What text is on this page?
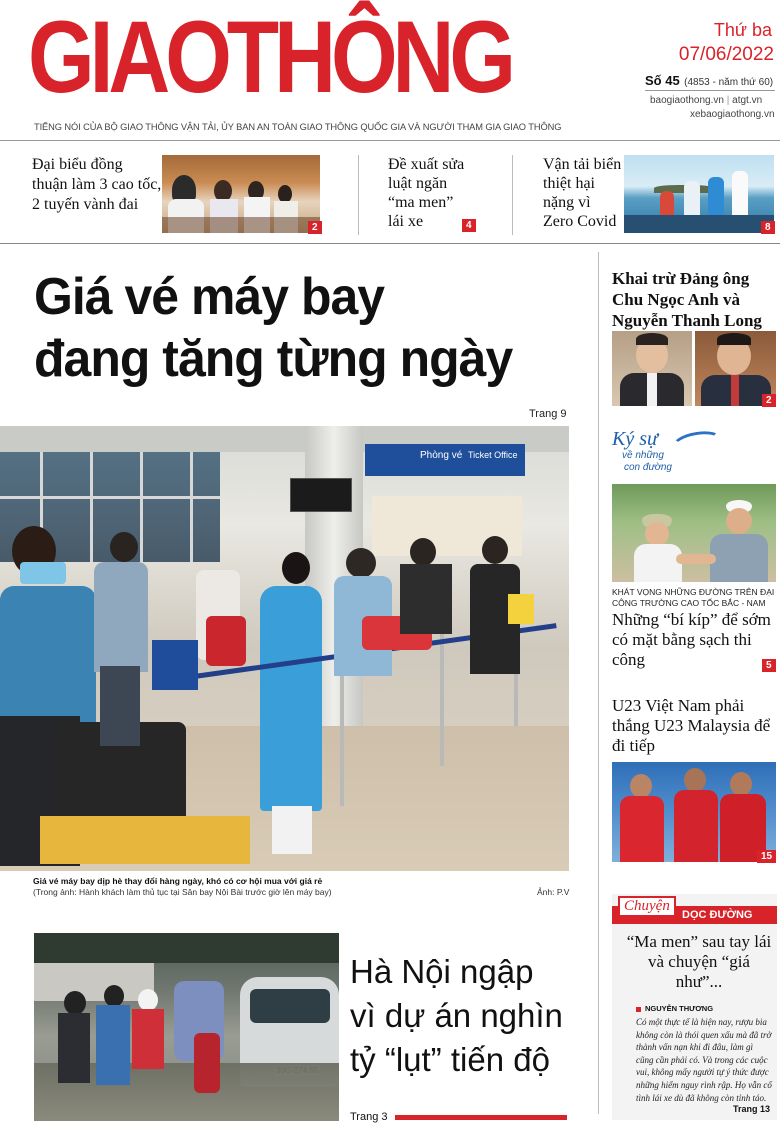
GIAOTHÔNG
TIẾNG NÓI CỦA BỘ GIAO THÔNG VẬN TẢI, ỦY BAN AN TOÀN GIAO THÔNG QUỐC GIA VÀ NGƯỜI THAM GIA GIAO THÔNG
Thứ ba
07/06/2022
Số 45 (4853 - năm thứ 60)
baogiaothong.vn | atgt.vn
xebaogiaothong.vn
Đại biểu đồng thuận làm 3 cao tốc, 2 tuyến vành đai
2
Đề xuất sửa luật ngăn “ma men” lái xe	4
Vận tải biển thiệt hại nặng vì Zero Covid	8
Giá vé máy bay
đang tăng từng ngày
Trang 9
Ticket Office
Phòng vé
Giá vé máy bay dịp hè thay đổi hàng ngày, khó có cơ hội mua với giá rẻ
(Trong ảnh: Hành khách làm thủ tục tại Sân bay Nội Bài trước giờ lên máy bay)	Ảnh: P.V
Hà Nội ngập
vì dự án nghìn
tỷ “lụt” tiến độ
Trang 3
Khai trừ Đảng ông Chu Ngọc Anh và Nguyễn Thanh Long
2
Ký sự
về những
con đường
KHÁT VỌNG NHỮNG ĐƯỜNG TRÊN ĐẠI CÔNG TRƯỜNG CAO TỐC BẮC - NAM
Những “bí kíp” để sớm có mặt bằng sạch thi công	5
U23 Việt Nam phải thắng U23 Malaysia để đi tiếp
15
Chuyện
DỌC ĐƯỜNG
“Ma men” sau tay lái và chuyện “giá như”...
NGUYỄN THƯƠNG
Có một thực tế là hiện nay, rượu bia không còn là thói quen xấu mà đã trở thành vấn nạn khi đi đâu, làm gì cũng cần phải có. Và trong các cuộc vui, không mấy người tự ý thức được những hiểm nguy rình rập. Họ vẫn cố tình lái xe dù đã không còn tỉnh táo.
Trang 13
